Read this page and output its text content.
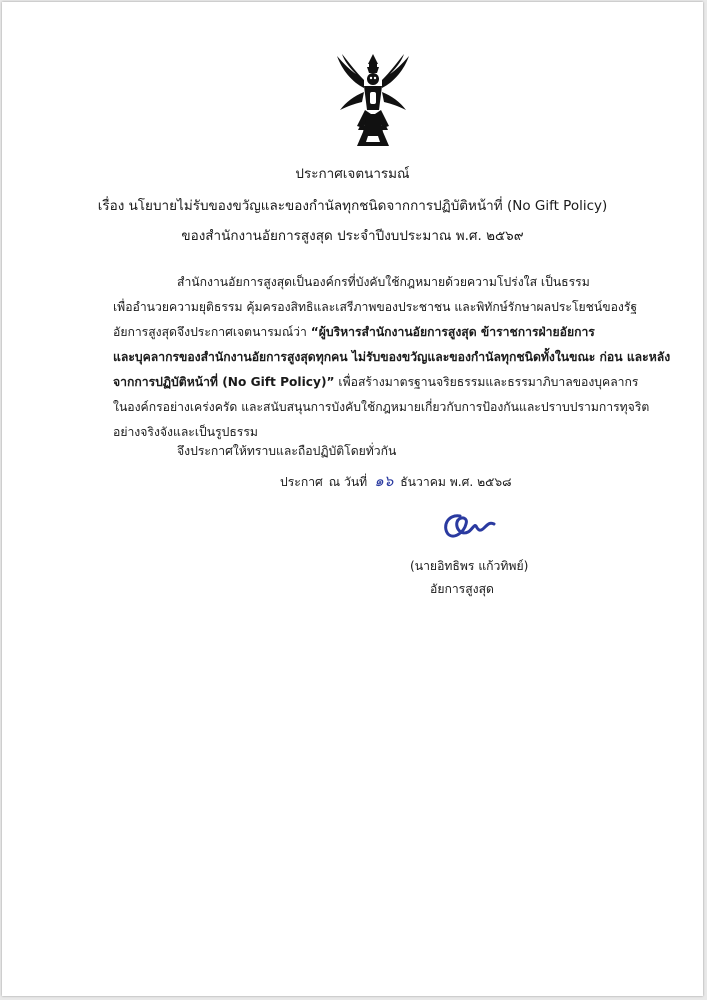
ประกาศเจตนารมณ์
เรื่อง นโยบายไม่รับของขวัญและของกำนัลทุกชนิดจากการปฏิบัติหน้าที่ (No Gift Policy)
ของสำนักงานอัยการสูงสุด ประจำปีงบประมาณ พ.ศ. ๒๕๖๙
สำนักงานอัยการสูงสุดเป็นองค์กรที่บังคับใช้กฎหมายด้วยความโปร่งใส เป็นธรรม
เพื่ออำนวยความยุติธรรม คุ้มครองสิทธิและเสรีภาพของประชาชน และพิทักษ์รักษาผลประโยชน์ของรัฐ
อัยการสูงสุดจึงประกาศเจตนารมณ์ว่า “ผู้บริหารสำนักงานอัยการสูงสุด ข้าราชการฝ่ายอัยการ
และบุคลากรของสำนักงานอัยการสูงสุดทุกคน ไม่รับของขวัญและของกำนัลทุกชนิดทั้งในขณะ ก่อน และหลัง
จากการปฏิบัติหน้าที่ (No Gift Policy)” เพื่อสร้างมาตรฐานจริยธรรมและธรรมาภิบาลของบุคลากร
ในองค์กรอย่างเคร่งครัด และสนับสนุนการบังคับใช้กฎหมายเกี่ยวกับการป้องกันและปราบปรามการทุจริต
อย่างจริงจังและเป็นรูปธรรม
จึงประกาศให้ทราบและถือปฏิบัติโดยทั่วกัน
ประกาศ ณ วันที่ ๑๖ ธันวาคม พ.ศ. ๒๕๖๘
(นายอิทธิพร แก้วทิพย์)
อัยการสูงสุด
